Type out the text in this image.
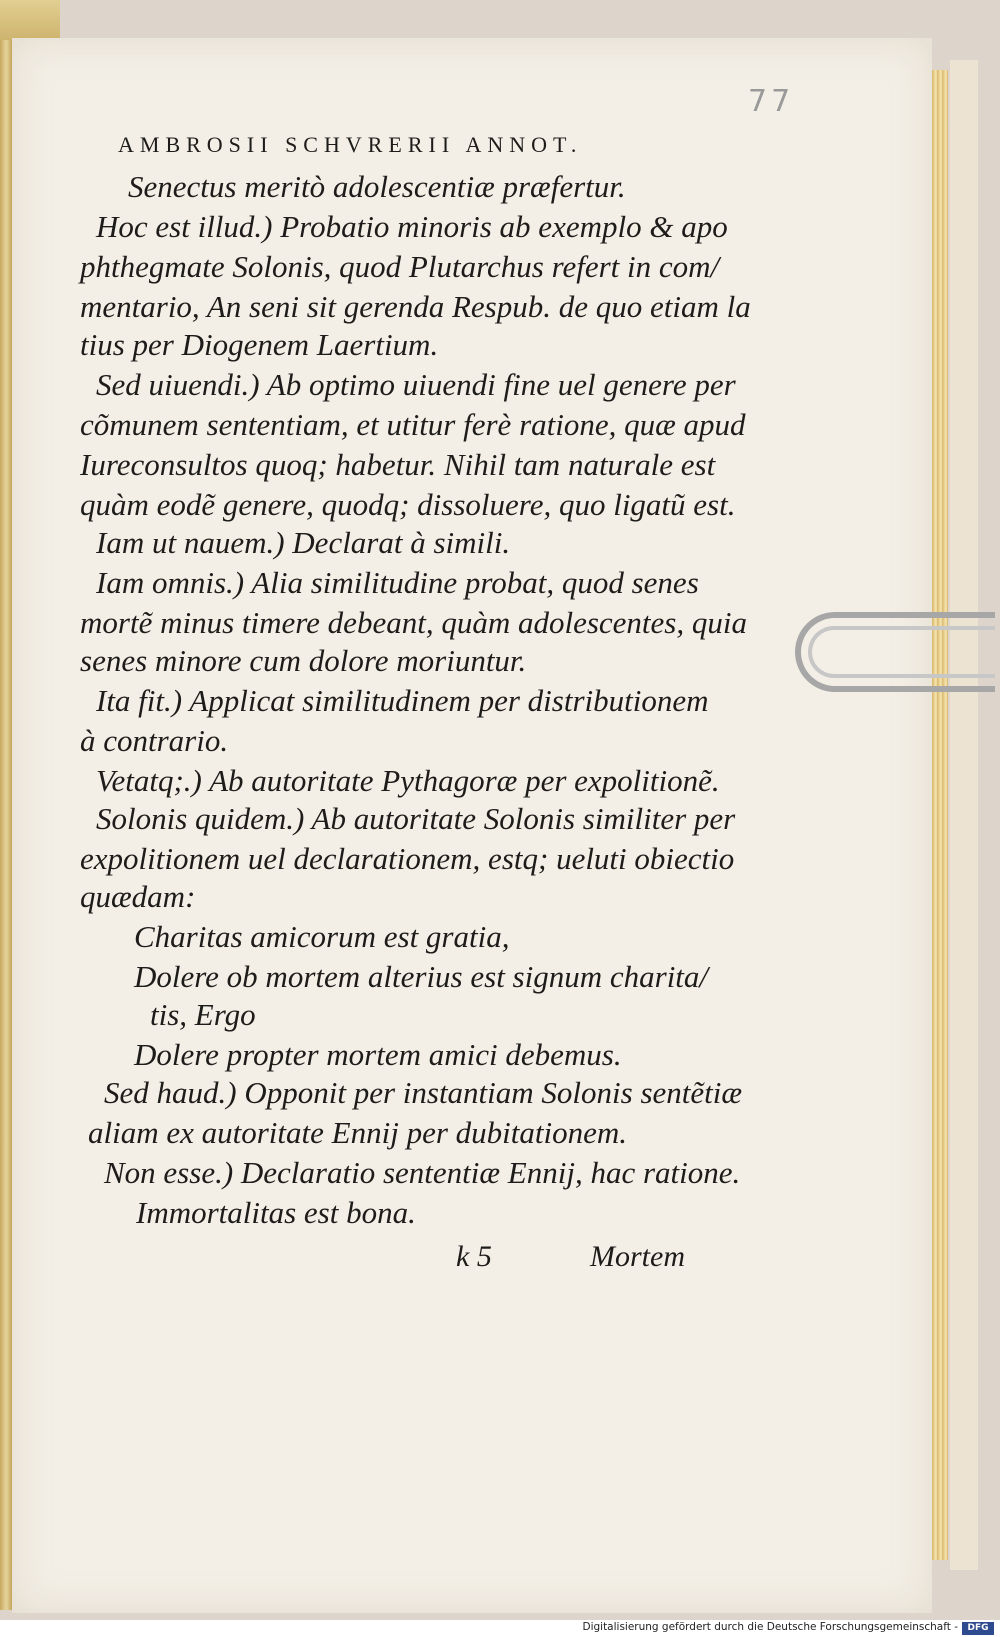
77
AMBROSII SCHVRERII ANNOT.
Senectus meritò adolescentiæ præfertur.
Hoc est illud.) Probatio minoris ab exemplo & apo
phthegmate Solonis, quod Plutarchus refert in com/
mentario, An seni sit gerenda Respub. de quo etiam la
tius per Diogenem Laertium.
Sed uiuendi.) Ab optimo uiuendi fine uel genere per
cõmunem sententiam, et utitur ferè ratione, quæ apud
Iureconsultos quoq; habetur. Nihil tam naturale est
quàm eodẽ genere, quodq; dissoluere, quo ligatũ est.
Iam ut nauem.) Declarat à simili.
Iam omnis.) Alia similitudine probat, quod senes
mortẽ minus timere debeant, quàm adolescentes, quia
senes minore cum dolore moriuntur.
Ita fit.) Applicat similitudinem per distributionem
à contrario.
Vetatq;.) Ab autoritate Pythagoræ per expolitionẽ.
Solonis quidem.) Ab autoritate Solonis similiter per
expolitionem uel declarationem, estq; ueluti obiectio
quædam:
Charitas amicorum est gratia,
Dolere ob mortem alterius est signum charita/
tis, Ergo
Dolere propter mortem amici debemus.
Sed haud.) Opponit per instantiam Solonis sentẽtiæ
aliam ex autoritate Ennij per dubitationem.
Non esse.) Declaratio sententiæ Ennij, hac ratione.
Immortalitas est bona.
k 5	Mortem
Digitalisierung gefördert durch die Deutsche Forschungsgemeinschaft -	DFG
